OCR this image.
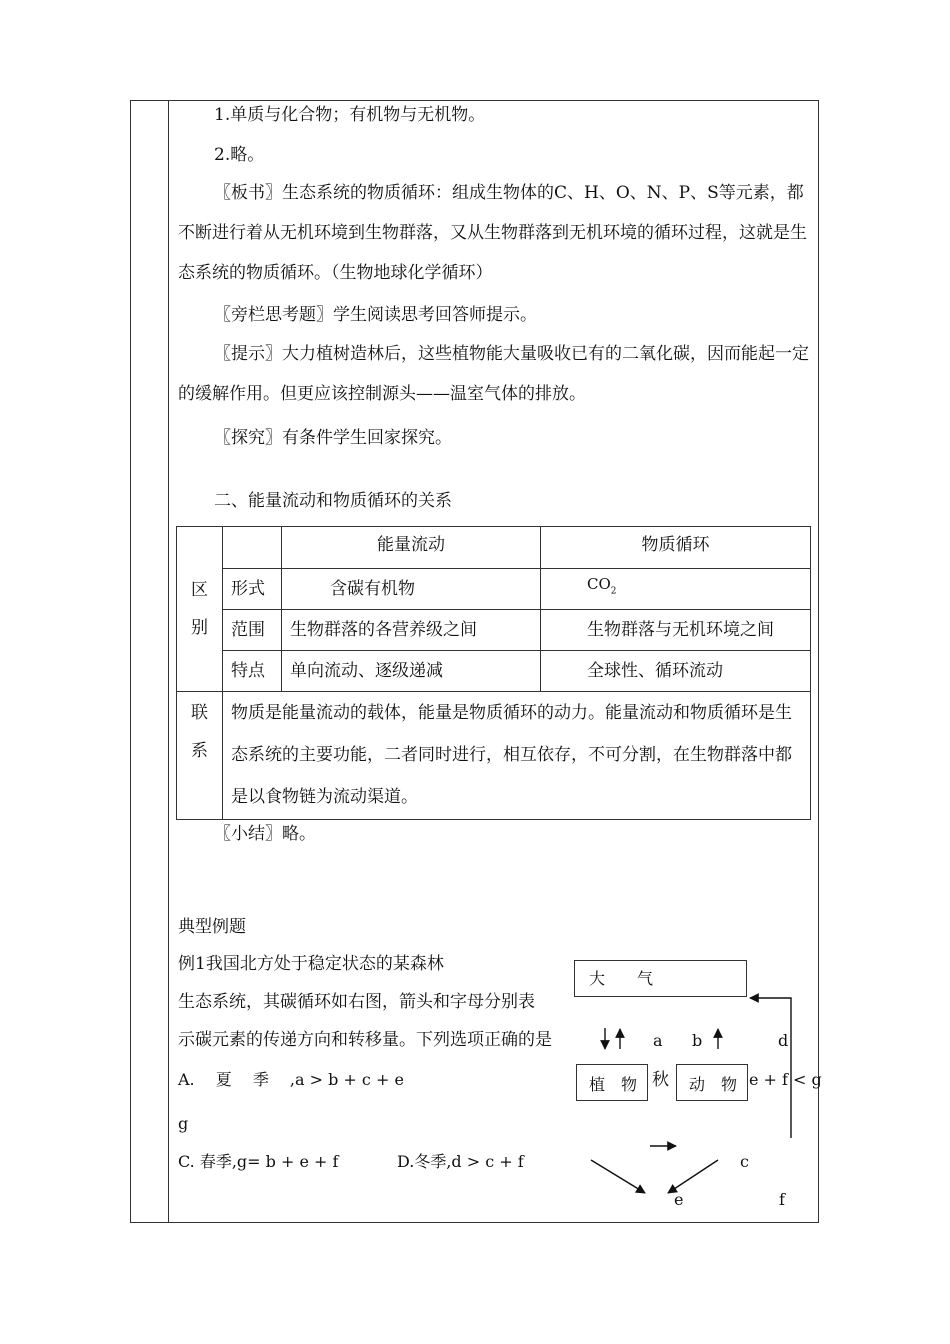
1.单质与化合物；有机物与无机物。
2.略。
〖板书〗生态系统的物质循环：组成生物体的C、H、O、N、P、S等元素，都不断进行着从无机环境到生物群落，又从生物群落到无机环境的循环过程，这就是生态系统的物质循环。（生物地球化学循环）
〖旁栏思考题〗学生阅读思考回答师提示。
〖提示〗大力植树造林后，这些植物能大量吸收已有的二氧化碳，因而能起一定的缓解作用。但更应该控制源头——温室气体的排放。
〖探究〗有条件学生回家探究。
二、能量流动和物质循环的关系
区
别		能量流动	物质循环
	形式	含碳有机物	$CO_2$
	范围	生物群落的各营养级之间	生物群落与无机环境之间
	特点	单向流动、逐级递减	全球性、循环流动
联
系	物质是能量流动的载体，能量是物质循环的动力。能量流动和物质循环是生态系统的主要功能，二者同时进行，相互依存，不可分割，在生物群落中都是以食物链为流动渠道。		
〖小结〗略。
典型例题
例1我国北方处于稳定状态的某森林
生态系统，其碳循环如右图，箭头和字母分别表
示碳元素的传递方向和转移量。下列选项正确的是
A.　 夏　 季　 ,a > b + c + e	秋	e + f < g
g
C. 春季,g= b + e + f	D.冬季,d > c + f
大　　气
植　物	动　物
a b	d
c
e	f
